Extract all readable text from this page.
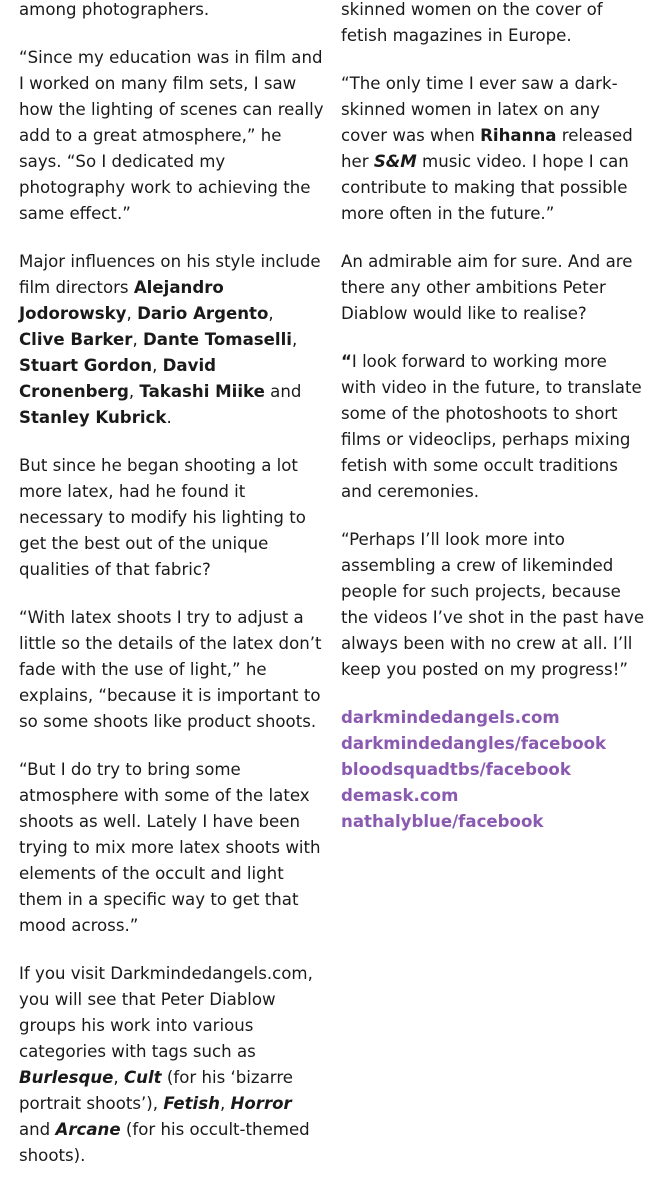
among photographers.

“Since my education was in film and I worked on many film sets, I saw how the lighting of scenes can really add to a great atmosphere,” he says. “So I dedicated my photography work to achieving the same effect.”

Major influences on his style include film directors Alejandro Jodorowsky, Dario Argento, Clive Barker, Dante Tomaselli, Stuart Gordon, David Cronenberg, Takashi Miike and Stanley Kubrick.

But since he began shooting a lot more latex, had he found it necessary to modify his lighting to get the best out of the unique qualities of that fabric?

“With latex shoots I try to adjust a little so the details of the latex don’t fade with the use of light,” he explains, “because it is important to so some shoots like product shoots.

“But I do try to bring some atmosphere with some of the latex shoots as well. Lately I have been trying to mix more latex shoots with elements of the occult and light them in a specific way to get that mood across.”

If you visit Darkmindedangels.com, you will see that Peter Diablow groups his work into various categories with tags such as Burlesque, Cult (for his ‘bizarre portrait shoots’), Fetish, Horror and Arcane (for his occult-themed shoots).

skinned women on the cover of fetish magazines in Europe.

“The only time I ever saw a dark-skinned women in latex on any cover was when Rihanna released her S&M music video. I hope I can contribute to making that possible more often in the future.”

An admirable aim for sure. And are there any other ambitions Peter Diablow would like to realise?

“I look forward to working more with video in the future, to translate some of the photoshoots to short films or videoclips, perhaps mixing fetish with some occult traditions and ceremonies.

“Perhaps I’ll look more into assembling a crew of likeminded people for such projects, because the videos I’ve shot in the past have always been with no crew at all. I’ll keep you posted on my progress!”

darkmindedangels.com
darkmindedangles/facebook
bloodsquadtbs/facebook
demask.com
nathalyblue/facebook
